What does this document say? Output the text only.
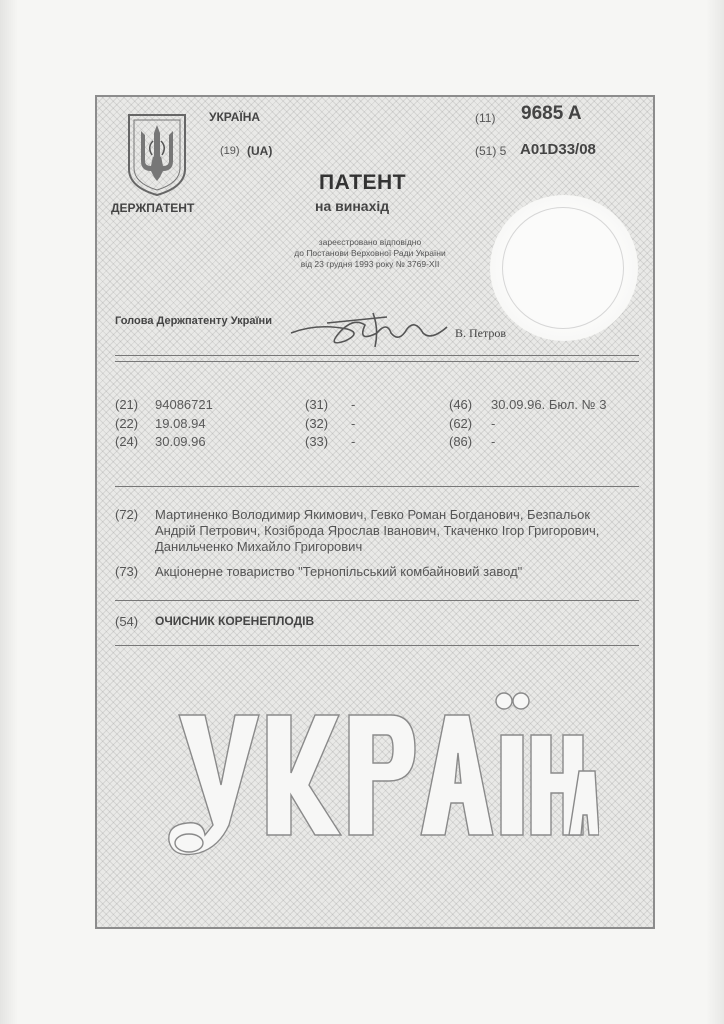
УКРАЇНА
(19) (UA)
ДЕРЖПАТЕНТ
(11) 9685 A
(51) 5 A01D33/08
ПАТЕНТ
на винахід
зареєстровано відповідно
до Постанови Верховної Ради України
від 23 грудня 1993 року № 3769-XII
Голова Держпатенту України
В. Петров
(21) 94086721
(22) 19.08.94
(24) 30.09.96
(31) -
(32) -
(33) -
(46) 30.09.96. Бюл. № 3
(62) -
(86) -
(72) Мартиненко Володимир Якимович, Гевко Роман Богданович, Безпальок Андрій Петрович, Козіброда Ярослав Іванович, Ткаченко Ігор Григорович, Данильченко Михайло Григорович
(73) Акціонерне товариство "Тернопільський комбайновий завод"
(54) ОЧИСНИК КОРЕНЕПЛОДІВ
